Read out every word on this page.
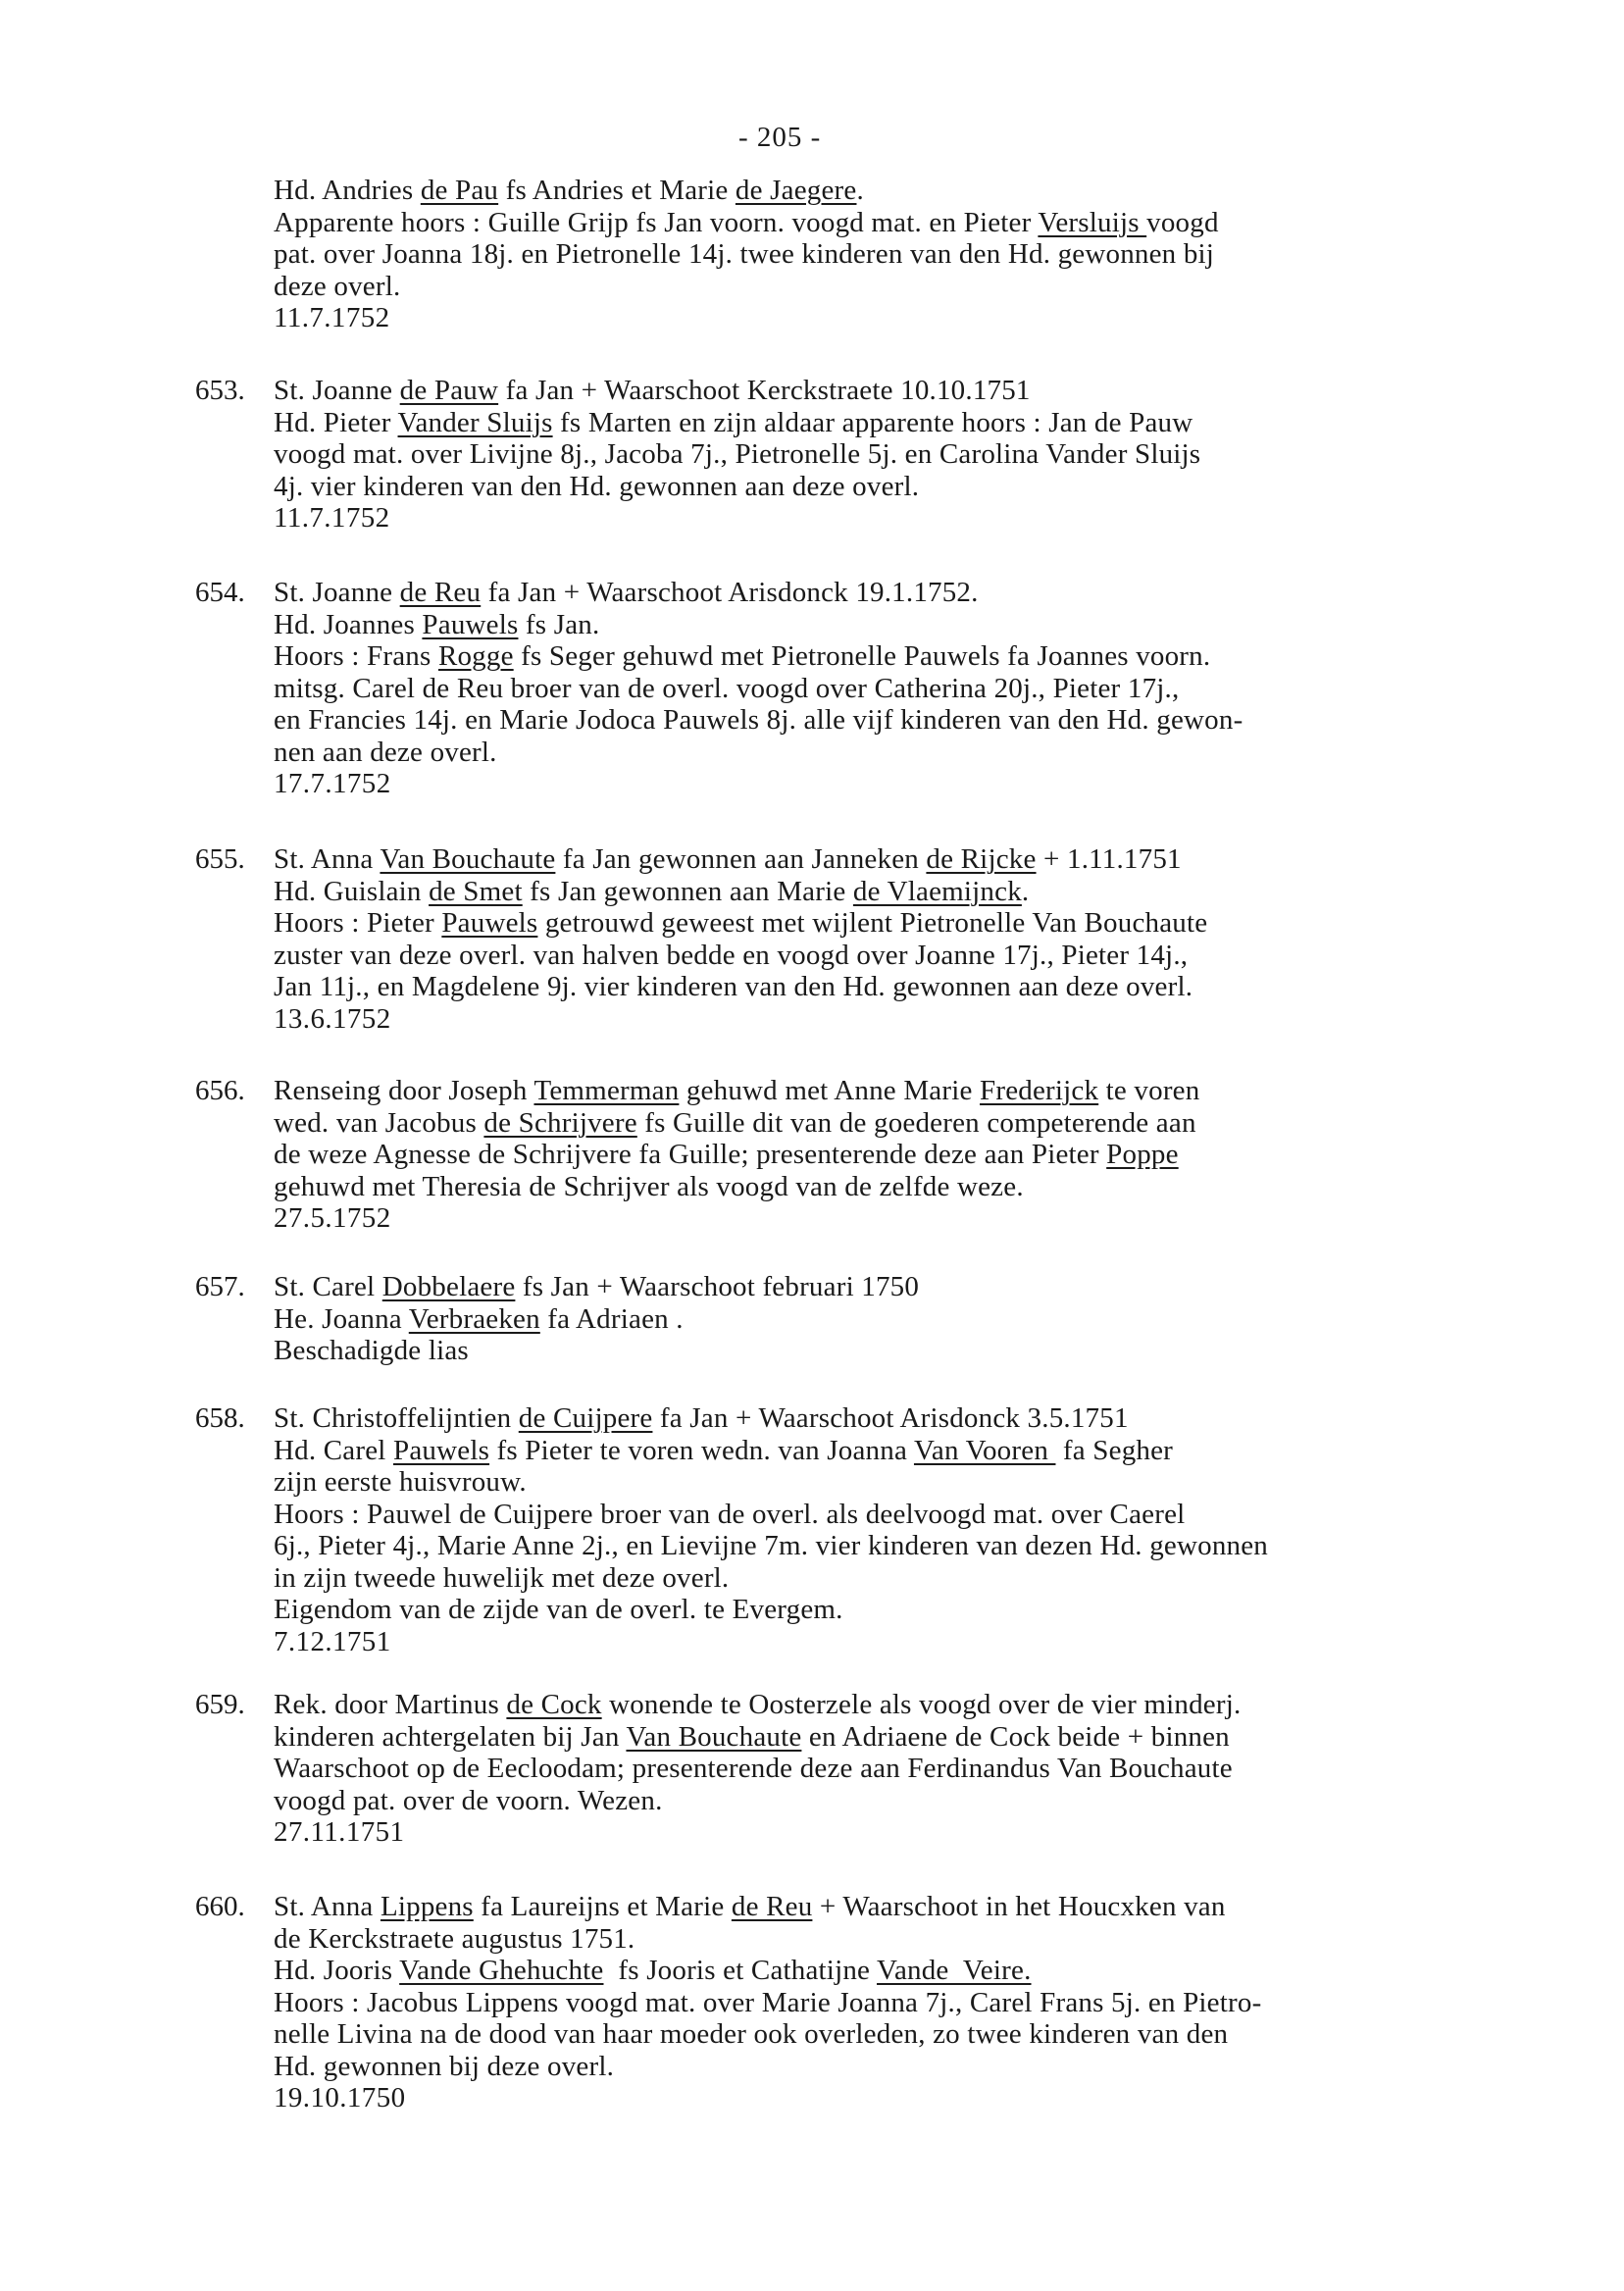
- 205 -
Hd. Andries de Pau fs Andries et Marie de Jaegere.
Apparente hoors : Guille Grijp fs Jan voorn. voogd mat. en Pieter Versluijs voogd
pat. over Joanna 18j. en Pietronelle 14j. twee kinderen van den Hd. gewonnen bij
deze overl.
11.7.1752
653. St. Joanne de Pauw fa Jan + Waarschoot Kerckstraete 10.10.1751
Hd. Pieter Vander Sluijs fs Marten en zijn aldaar apparente hoors : Jan de Pauw
voogd mat. over Livijne 8j., Jacoba 7j., Pietronelle 5j. en Carolina Vander Sluijs
4j. vier kinderen van den Hd. gewonnen aan deze overl.
11.7.1752
654. St. Joanne de Reu fa Jan + Waarschoot Arisdonck 19.1.1752.
Hd. Joannes Pauwels fs Jan.
Hoors : Frans Rogge fs Seger gehuwd met Pietronelle Pauwels fa Joannes voorn.
mitsg. Carel de Reu broer van de overl. voogd over Catherina 20j., Pieter 17j.,
en Francies 14j. en Marie Jodoca Pauwels 8j. alle vijf kinderen van den Hd. gewon-
nen aan deze overl.
17.7.1752
655. St. Anna Van Bouchaute fa Jan gewonnen aan Janneken de Rijcke + 1.11.1751
Hd. Guislain de Smet fs Jan gewonnen aan Marie de Vlaemijnck.
Hoors : Pieter Pauwels getrouwd geweest met wijlent Pietronelle Van Bouchaute
zuster van deze overl. van halven bedde en voogd over Joanne 17j., Pieter 14j.,
Jan 11j., en Magdelene 9j. vier kinderen van den Hd. gewonnen aan deze overl.
13.6.1752
656. Renseing door Joseph Temmerman gehuwd met Anne Marie Frederijck te voren
wed. van Jacobus de Schrijvere fs Guille dit van de goederen competerende aan
de weze Agnesse de Schrijvere fa Guille; presenterende deze aan Pieter Poppe
gehuwd met Theresia de Schrijver als voogd van de zelfde weze.
27.5.1752
657. St. Carel Dobbelaere fs Jan + Waarschoot februari 1750
He. Joanna Verbraeken fa Adriaen .
Beschadigde lias
658. St. Christoffelijntien de Cuijpere fa Jan + Waarschoot Arisdonck 3.5.1751
Hd. Carel Pauwels fs Pieter te voren wedn. van Joanna Van Vooren  fa Segher
zijn eerste huisvrouw.
Hoors : Pauwel de Cuijpere broer van de overl. als deelvoogd mat. over Caerel
6j., Pieter 4j., Marie Anne 2j., en Lievijne 7m. vier kinderen van dezen Hd. gewonnen
in zijn tweede huwelijk met deze overl.
Eigendom van de zijde van de overl. te Evergem.
7.12.1751
659. Rek. door Martinus de Cock wonende te Oosterzele als voogd over de vier minderj.
kinderen achtergelaten bij Jan Van Bouchaute en Adriaene de Cock beide + binnen
Waarschoot op de Eecloodam; presenterende deze aan Ferdinandus Van Bouchaute
voogd pat. over de voorn. Wezen.
27.11.1751
660. St. Anna Lippens fa Laureijns et Marie de Reu + Waarschoot in het Houcxken van
de Kerckstraete augustus 1751.
Hd. Jooris Vande Ghehuchte  fs Jooris et Cathatijne Vande  Veire.
Hoors : Jacobus Lippens voogd mat. over Marie Joanna 7j., Carel Frans 5j. en Pietro-
nelle Livina na de dood van haar moeder ook overleden, zo twee kinderen van den
Hd. gewonnen bij deze overl.
19.10.1750
